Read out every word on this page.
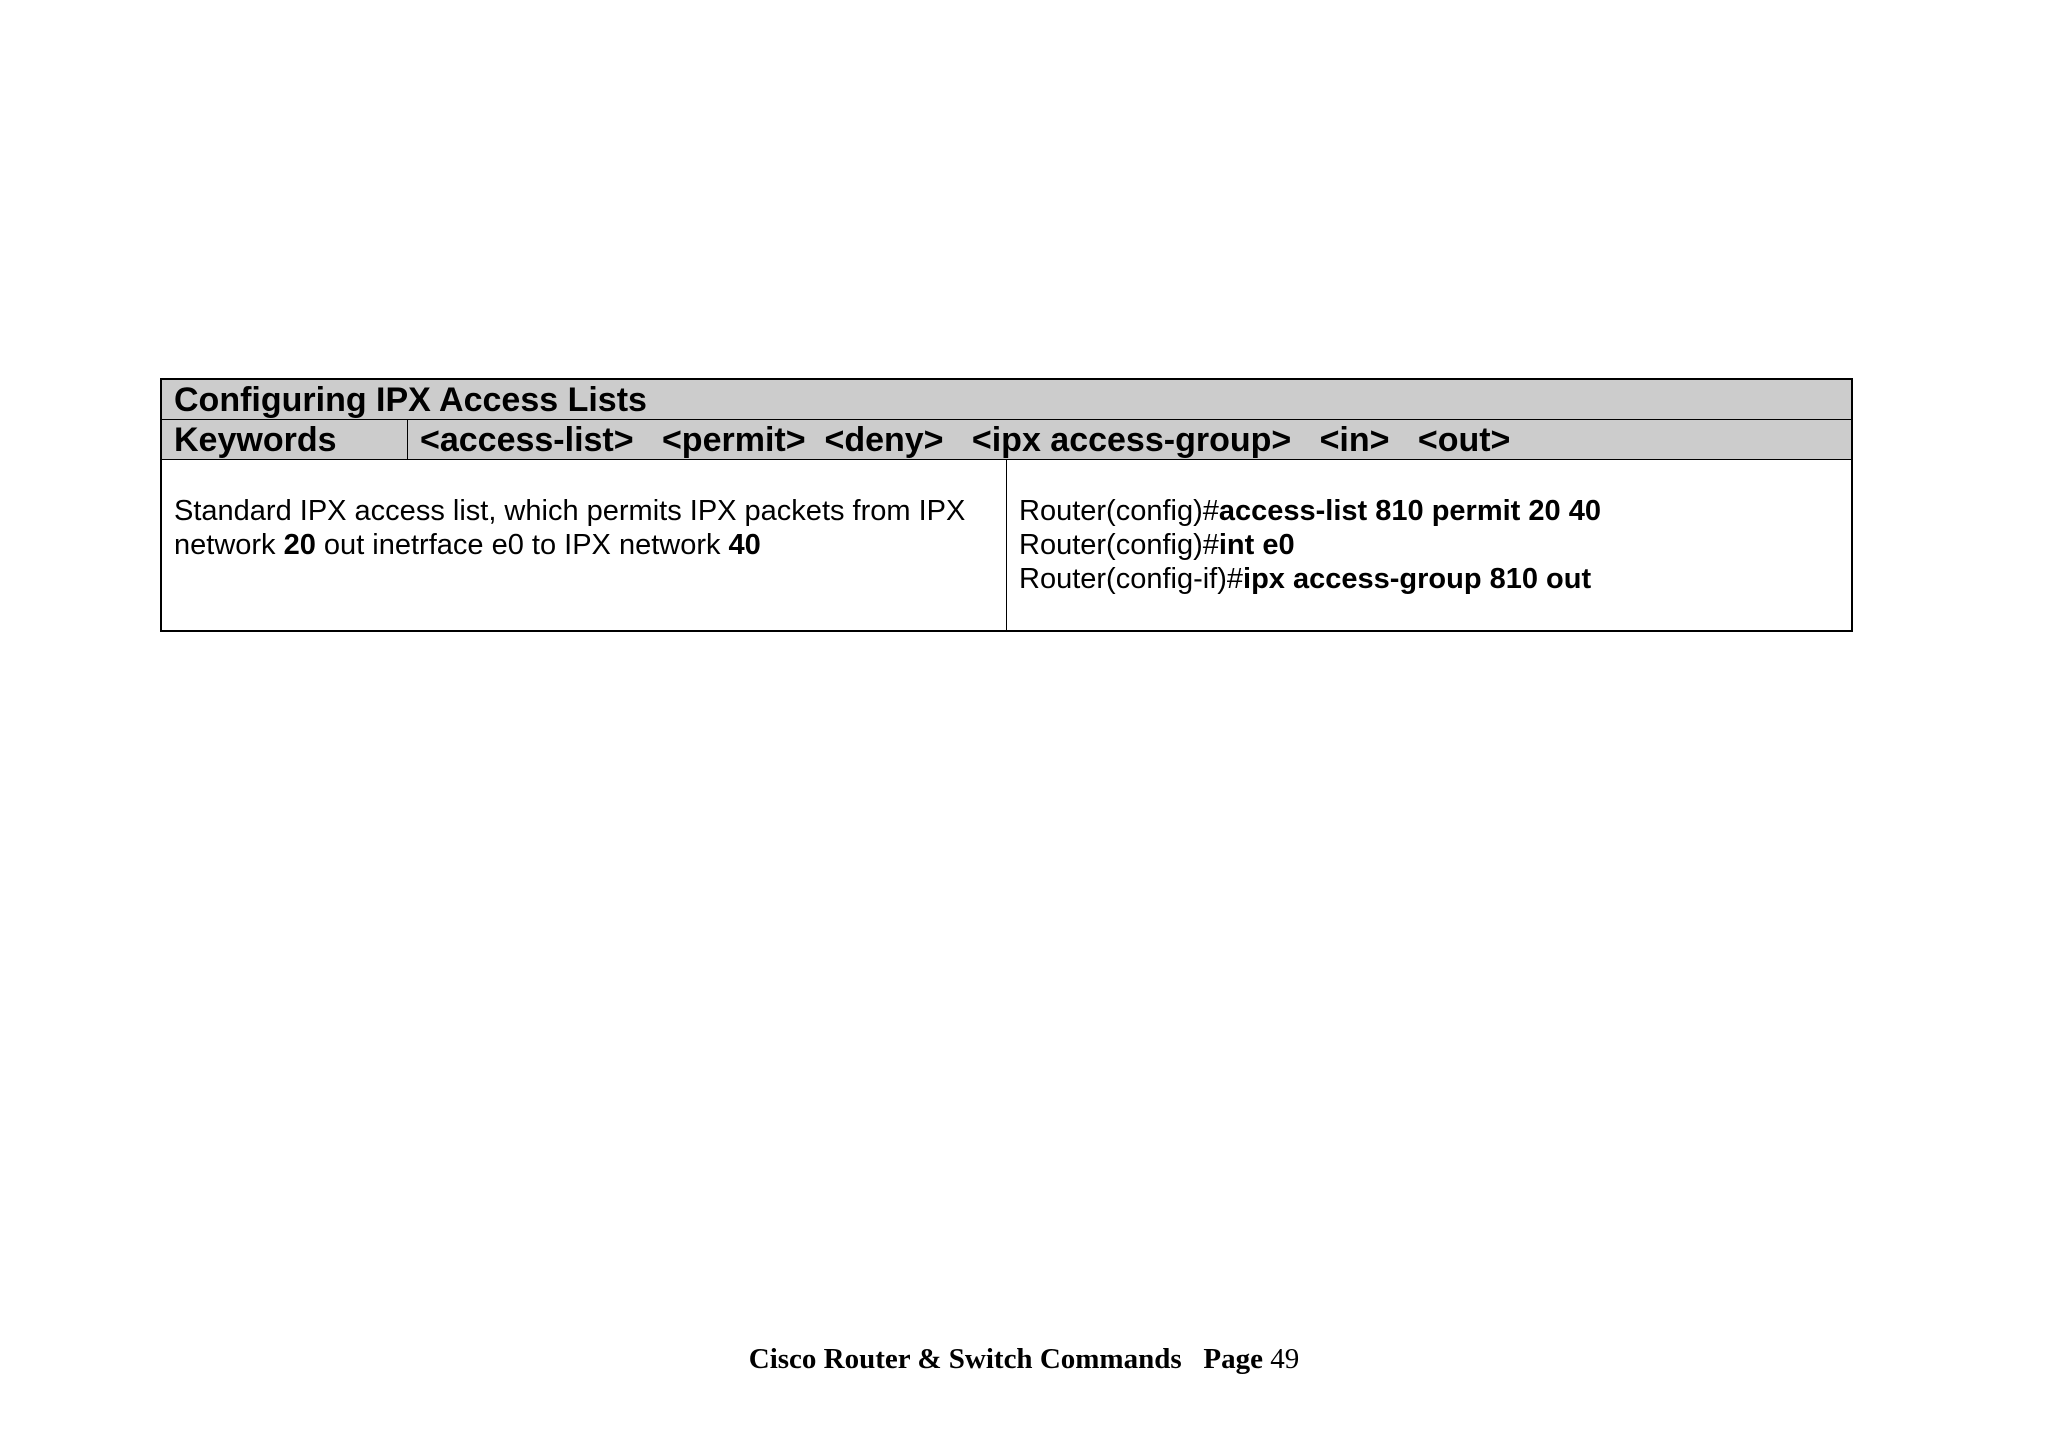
Configuring IPX Access Lists
Keywords	<access-list>   <permit>  <deny>   <ipx access-group>   <in>   <out>
Standard IPX access list, which permits IPX packets from IPX network 20 out inetrface e0 to IPX network 40
Router(config)#access-list 810 permit 20 40
Router(config)#int e0
Router(config-if)#ipx access-group 810 out
Cisco Router & Switch Commands Page 49
